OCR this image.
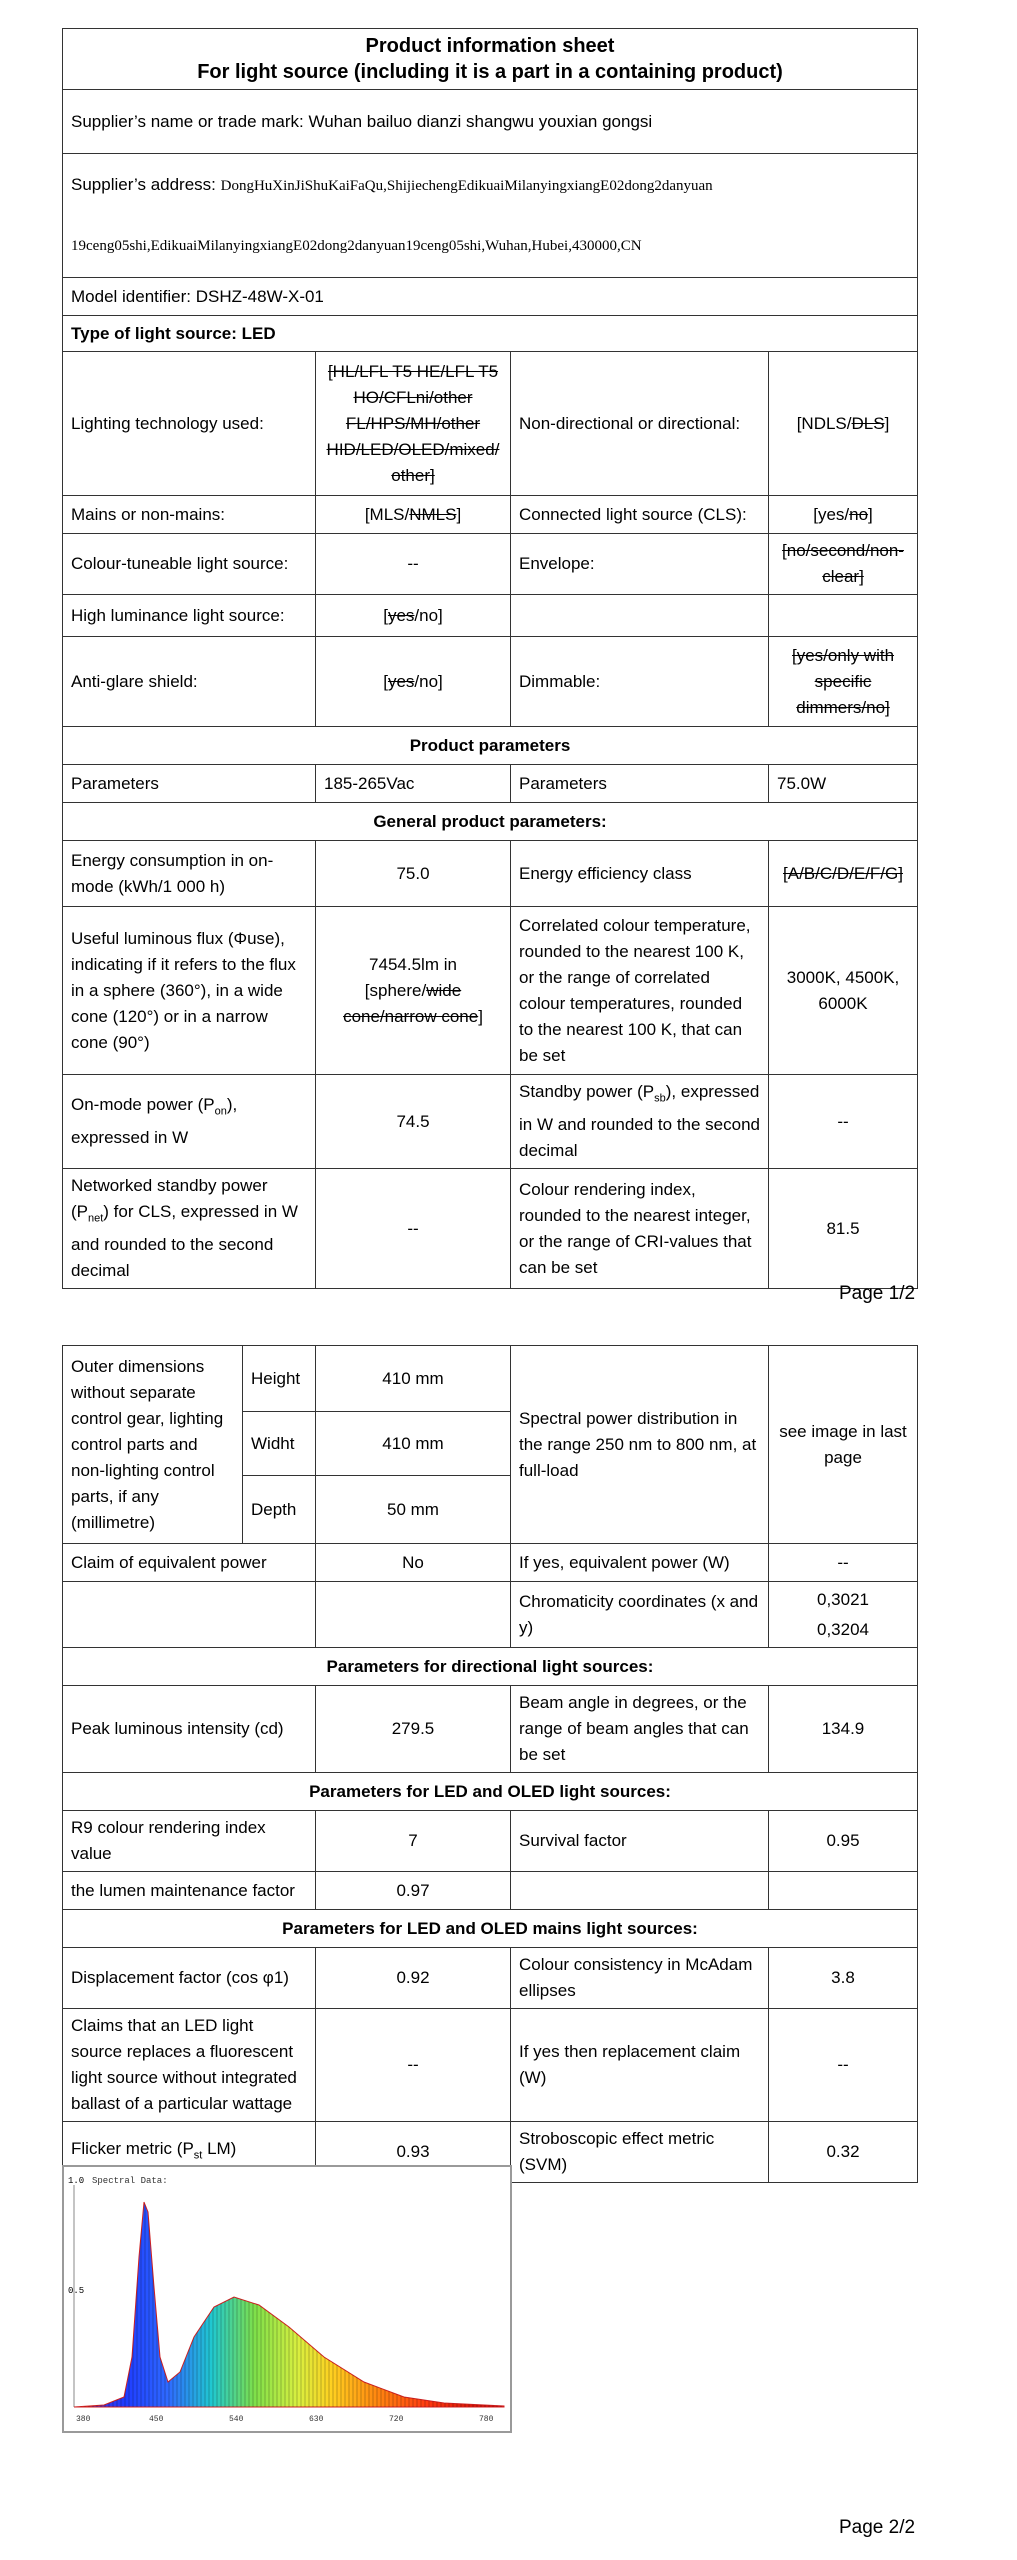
Product information sheet
For light source (including it is a part in a containing product)			

Supplier’s name or trade mark: Wuhan bailuo dianzi shangwu youxian gongsi			

Supplier’s address: DongHuXinJiShuKaiFaQu,ShijiechengEdikuaiMilanyingxiangE02dong2danyuan
19ceng05shi,EdikuaiMilanyingxiangE02dong2danyuan19ceng05shi,Wuhan,Hubei,430000,CN			

Model identifier: DSHZ-48W-X-01			
Type of light source: LED			
Lighting technology used:	[HL/LFL T5 HE/LFL T5 HO/CFLni/other FL/HPS/MH/other HID/LED/OLED/mixed/ other]	Non-directional or directional:	[NDLS/DLS]
Mains or non-mains:	[MLS/NMLS]	Connected light source (CLS):	[yes/no]
Colour-tuneable light source:	--	Envelope:	[no/second/non-clear]
High luminance light source:	[yes/no]		
Anti-glare shield:	[yes/no]	Dimmable:	[yes/only with specific dimmers/no]
Product parameters			
Parameters	185-265Vac	Parameters	75.0W
General product parameters:			
Energy consumption in on-mode (kWh/1 000 h)	75.0	Energy efficiency class	[A/B/C/D/E/F/G]
Useful luminous flux (Φuse), indicating if it refers to the flux in a sphere (360°), in a wide cone (120°) or in a narrow cone (90°)	7454.5lm in [sphere/wide cone/narrow cone]	Correlated colour temperature, rounded to the nearest 100 K, or the range of correlated colour temperatures, rounded to the nearest 100 K, that can be set	3000K, 4500K, 6000K
On-mode power $(P_{on})$, expressed in W	74.5	Standby power $(P_{sb})$, expressed in W and rounded to the second decimal	--
Networked standby power $(P_{net})$ for CLS, expressed in W and rounded to the second decimal	--	Colour rendering index, rounded to the nearest integer, or the range of CRI-values that can be set	81.5
Page 1/2
Outer dimensions without separate control gear, lighting control parts and non-lighting control parts, if any (millimetre)	Height	410 mm	Spectral power distribution in the range 250 nm to 800 nm, at full-load	see image in last page
	Widht	410 mm		
	Depth	50 mm		
Claim of equivalent power		No	If yes, equivalent power (W)	--
			Chromaticity coordinates (x and y)	0,3021
0,3204

Parameters for directional light sources:				
Peak luminous intensity (cd)		279.5	Beam angle in degrees, or the range of beam angles that can be set	134.9
Parameters for LED and OLED light sources:				
R9 colour rendering index value		7	Survival factor	0.95
the lumen maintenance factor		0.97		
Parameters for LED and OLED mains light sources:				
Displacement factor (cos φ1)		0.92	Colour consistency in McAdam ellipses	3.8
Claims that an LED light source replaces a fluorescent light source without integrated ballast of a particular wattage		--	If yes then replacement claim (W)	--
Flicker metric ($P_{st}$ LM)		0.93	Stroboscopic effect metric (SVM)	0.32
1.0 Spectral Data:
0.5
380	450	540	630	720	780
Page 2/2
